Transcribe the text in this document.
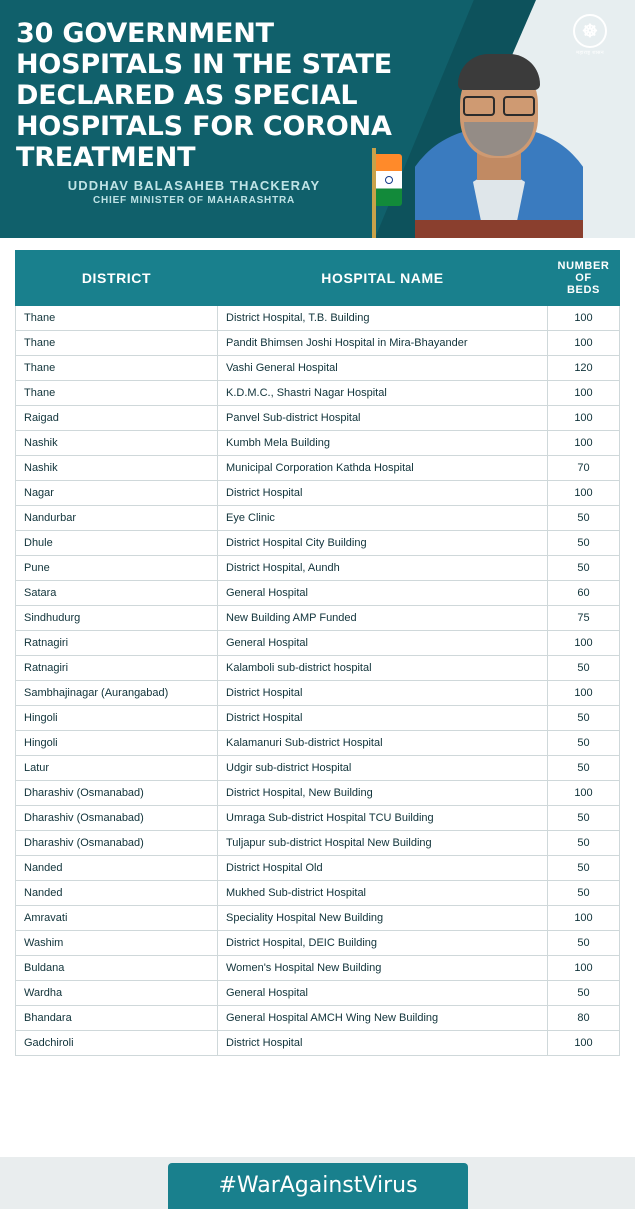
☸
महाराष्ट्र शासन
30 GOVERNMENT HOSPITALS IN THE STATE DECLARED AS SPECIAL HOSPITALS FOR CORONA TREATMENT
UDDHAV BALASAHEB THACKERAY
CHIEF MINISTER OF MAHARASHTRA
DISTRICT	HOSPITAL NAME	NUMBER OF
BEDS
Thane	District Hospital, T.B. Building	100
Thane	Pandit Bhimsen Joshi Hospital in Mira-Bhayander	100
Thane	Vashi General Hospital	120
Thane	K.D.M.C., Shastri Nagar Hospital	100
Raigad	Panvel Sub-district Hospital	100
Nashik	Kumbh Mela Building	100
Nashik	Municipal Corporation Kathda Hospital	70
Nagar	District Hospital	100
Nandurbar	Eye Clinic	50
Dhule	District Hospital City Building	50
Pune	District Hospital, Aundh	50
Satara	General Hospital	60
Sindhudurg	New Building AMP Funded	75
Ratnagiri	General Hospital	100
Ratnagiri	Kalamboli sub-district hospital	50
Sambhajinagar (Aurangabad)	District Hospital	100
Hingoli	District Hospital	50
Hingoli	Kalamanuri Sub-district Hospital	50
Latur	Udgir sub-district Hospital	50
Dharashiv (Osmanabad)	District Hospital, New Building	100
Dharashiv (Osmanabad)	Umraga Sub-district Hospital TCU Building	50
Dharashiv (Osmanabad)	Tuljapur sub-district Hospital New Building	50
Nanded	District Hospital Old	50
Nanded	Mukhed Sub-district Hospital	50
Amravati	Speciality Hospital New Building	100
Washim	District Hospital, DEIC Building	50
Buldana	Women's Hospital New Building	100
Wardha	General Hospital	50
Bhandara	General Hospital AMCH Wing New Building	80
Gadchiroli	District Hospital	100
#WarAgainstVirus
